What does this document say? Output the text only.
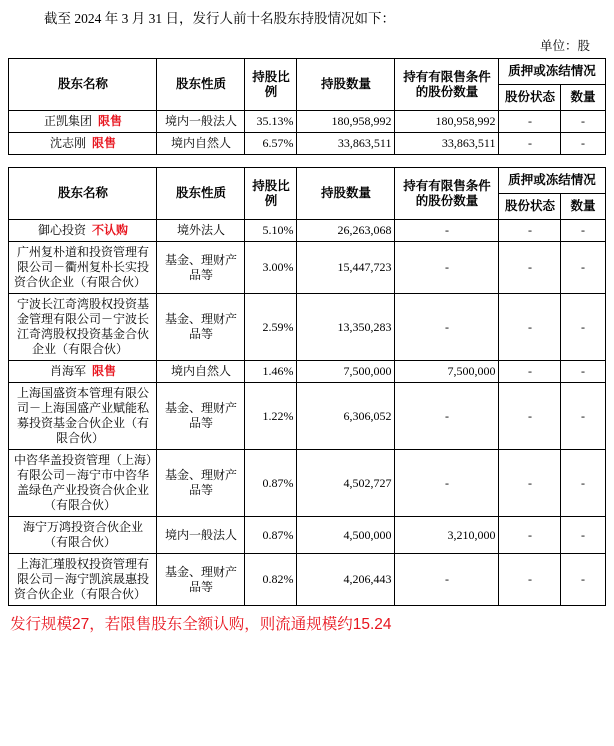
截至 2024 年 3 月 31 日，发行人前十名股东持股情况如下：
单位：股
股东名称	股东性质	持股比例	持股数量	持有有限售条件的股份数量	质押或冻结情况	
					股份状态	数量
正凯集团 限售	境内一般法人	35.13%	180,958,992	180,958,992	-	-
沈志刚 限售	境内自然人	6.57%	33,863,511	33,863,511	-	-
股东名称	股东性质	持股比例	持股数量	持有有限售条件的股份数量	质押或冻结情况	
					股份状态	数量
御心投资 不认购	境外法人	5.10%	26,263,068	-	-	-
广州复朴道和投资管理有限公司－衢州复朴长实投资合伙企业（有限合伙）	基金、理财产品等	3.00%	15,447,723	-	-	-
宁波长江奇湾股权投资基金管理有限公司－宁波长江奇湾股权投资基金合伙企业（有限合伙）	基金、理财产品等	2.59%	13,350,283	-	-	-
肖海军 限售	境内自然人	1.46%	7,500,000	7,500,000	-	-
上海国盛资本管理有限公司－上海国盛产业赋能私募投资基金合伙企业（有限合伙）	基金、理财产品等	1.22%	6,306,052	-	-	-
中咨华盖投资管理（上海）有限公司－海宁市中咨华盖绿色产业投资合伙企业（有限合伙）	基金、理财产品等	0.87%	4,502,727	-	-	-
海宁万鸿投资合伙企业（有限合伙）	境内一般法人	0.87%	4,500,000	3,210,000	-	-
上海汇瑾股权投资管理有限公司－海宁凯滨晟惠投资合伙企业（有限合伙）	基金、理财产品等	0.82%	4,206,443	-	-	-
发行规模27，若限售股东全额认购，则流通规模约15.24
